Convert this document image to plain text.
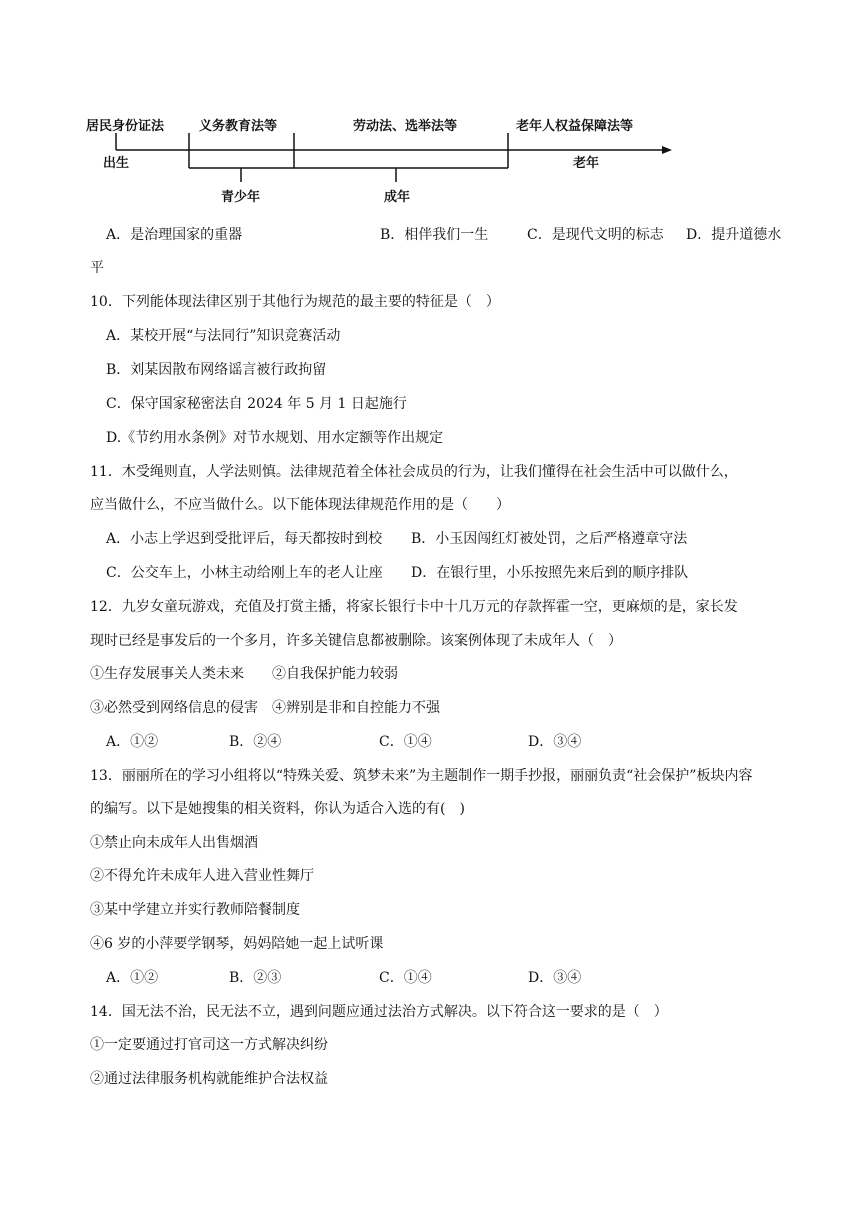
居民身份证法	义务教育法等	劳动法、选举法等	老年人权益保障法等
出生
青少年	成年
老年
A．是治理国家的重器	B．相伴我们一生	C．是现代文明的标志 D．提升道德水
平
10．下列能体现法律区别于其他行为规范的最主要的特征是（　）
A．某校开展“与法同行”知识竞赛活动
B．刘某因散布网络谣言被行政拘留
C．保守国家秘密法自 2024 年 5 月 1 日起施行
D.《节约用水条例》对节水规划、用水定额等作出规定
11．木受绳则直，人学法则慎。法律规范着全体社会成员的行为，让我们懂得在社会生活中可以做什么，
应当做什么，不应当做什么。以下能体现法律规范作用的是（　　）
A．小志上学迟到受批评后，每天都按时到校 B．小玉因闯红灯被处罚，之后严格遵章守法
C．公交车上，小林主动给刚上车的老人让座 D．在银行里，小乐按照先来后到的顺序排队
12．九岁女童玩游戏，充值及打赏主播，将家长银行卡中十几万元的存款挥霍一空，更麻烦的是，家长发
现时已经是事发后的一个多月，许多关键信息都被删除。该案例体现了未成年人（　）
①生存发展事关人类未来　　②自我保护能力较弱
③必然受到网络信息的侵害　④辨别是非和自控能力不强
A．①②	B．②④	C．①④	D．③④
13．丽丽所在的学习小组将以“特殊关爱、筑梦未来”为主题制作一期手抄报，丽丽负责“社会保护”板块内容
的编写。以下是她搜集的相关资料，你认为适合入选的有(　)
①禁止向未成年人出售烟酒
②不得允许未成年人进入营业性舞厅
③某中学建立并实行教师陪餐制度
④6 岁的小萍要学钢琴，妈妈陪她一起上试听课
A．①②	B．②③	C．①④	D．③④
14．国无法不治，民无法不立，遇到问题应通过法治方式解决。以下符合这一要求的是（　）
①一定要通过打官司这一方式解决纠纷
②通过法律服务机构就能维护合法权益
